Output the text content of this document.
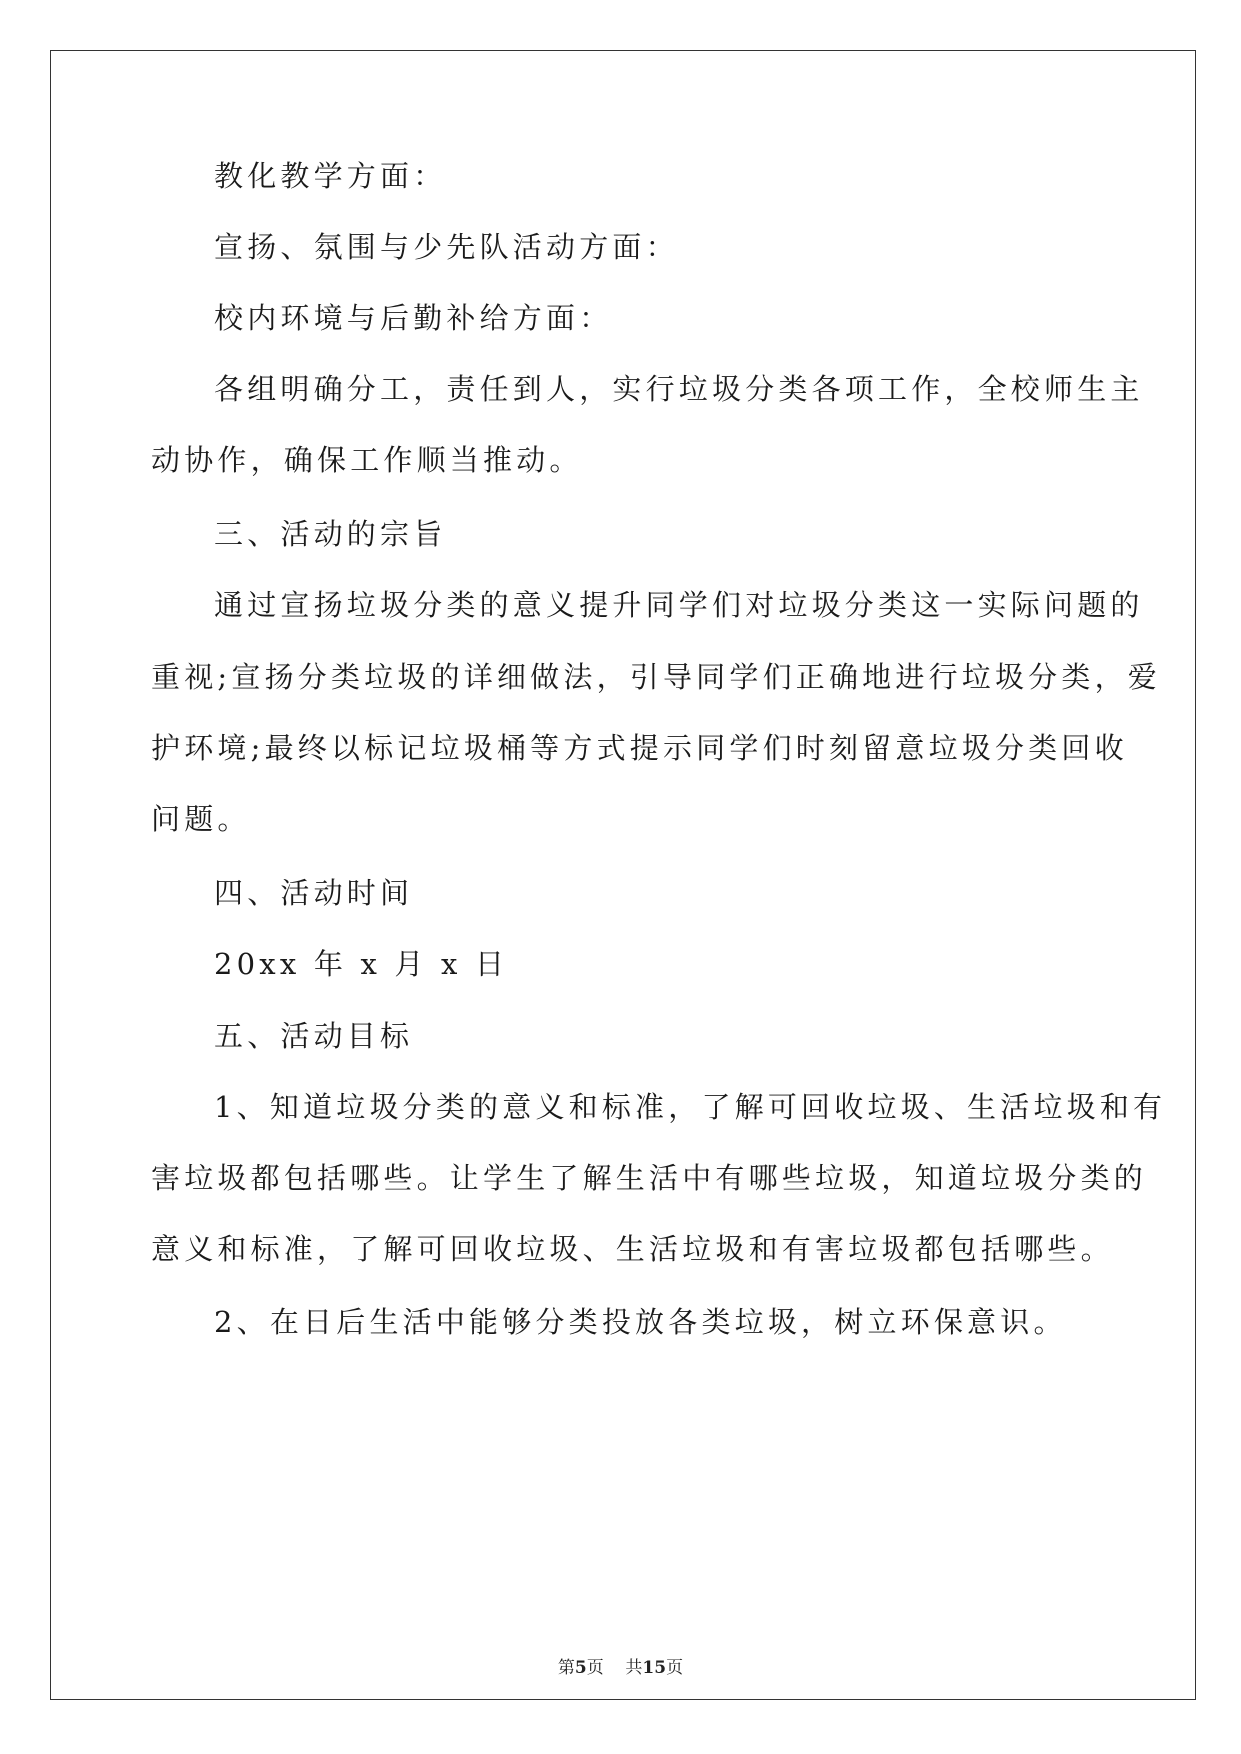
教化教学方面：

宣扬、氛围与少先队活动方面：

校内环境与后勤补给方面：

各组明确分工，责任到人，实行垃圾分类各项工作，全校师生主

动协作，确保工作顺当推动。

三、活动的宗旨

通过宣扬垃圾分类的意义提升同学们对垃圾分类这一实际问题的

重视;宣扬分类垃圾的详细做法，引导同学们正确地进行垃圾分类，爱

护环境;最终以标记垃圾桶等方式提示同学们时刻留意垃圾分类回收

问题。

四、活动时间

20xx 年 x 月 x 日

五、活动目标

1、知道垃圾分类的意义和标准，了解可回收垃圾、生活垃圾和有

害垃圾都包括哪些。让学生了解生活中有哪些垃圾，知道垃圾分类的

意义和标准，了解可回收垃圾、生活垃圾和有害垃圾都包括哪些。

2、在日后生活中能够分类投放各类垃圾，树立环保意识。

第5页 共15页
